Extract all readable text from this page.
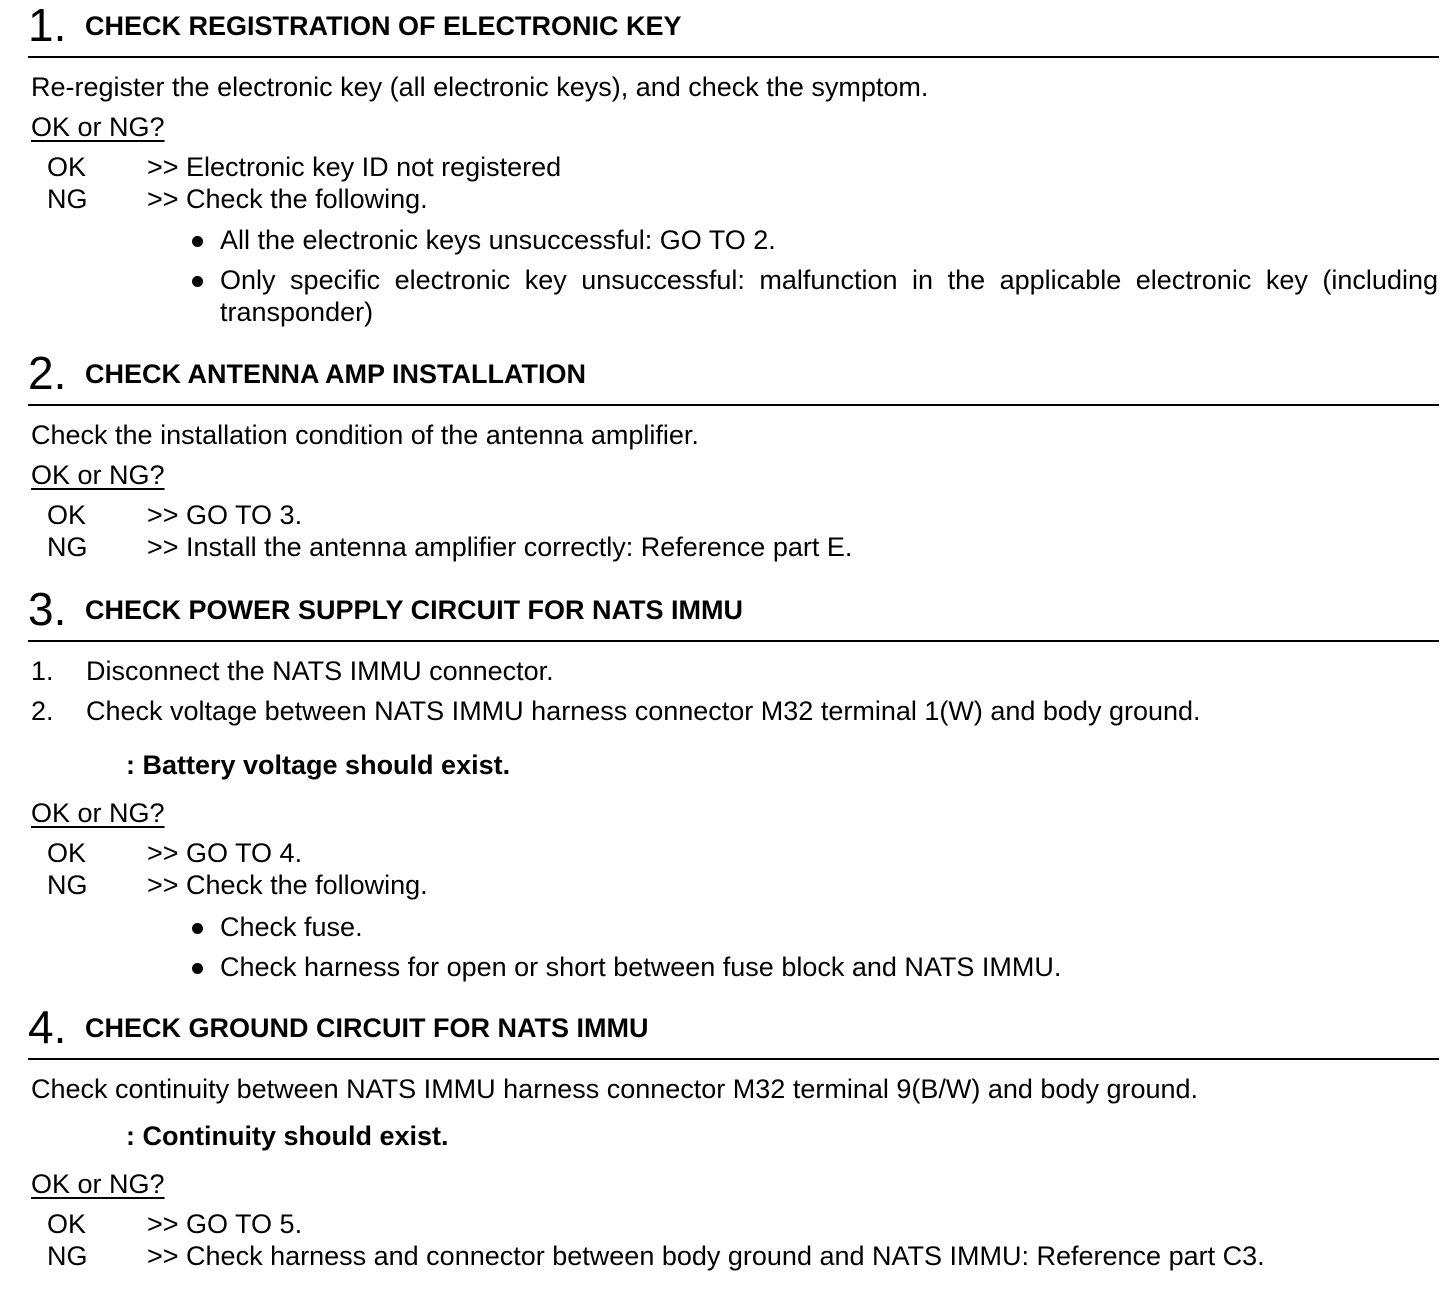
1. CHECK REGISTRATION OF ELECTRONIC KEY
Re-register the electronic key (all electronic keys), and check the symptom.
OK or NG?
OK >> Electronic key ID not registered
NG >> Check the following.
All the electronic keys unsuccessful: GO TO 2.
Only specific electronic key unsuccessful: malfunction in the applicable electronic key (including transponder)
2. CHECK ANTENNA AMP INSTALLATION
Check the installation condition of the antenna amplifier.
OK or NG?
OK >> GO TO 3.
NG >> Install the antenna amplifier correctly: Reference part E.
3. CHECK POWER SUPPLY CIRCUIT FOR NATS IMMU
1. Disconnect the NATS IMMU connector.
2. Check voltage between NATS IMMU harness connector M32 terminal 1(W) and body ground.
: Battery voltage should exist.
OK or NG?
OK >> GO TO 4.
NG >> Check the following.
Check fuse.
Check harness for open or short between fuse block and NATS IMMU.
4. CHECK GROUND CIRCUIT FOR NATS IMMU
Check continuity between NATS IMMU harness connector M32 terminal 9(B/W) and body ground.
: Continuity should exist.
OK or NG?
OK >> GO TO 5.
NG >> Check harness and connector between body ground and NATS IMMU: Reference part C3.
